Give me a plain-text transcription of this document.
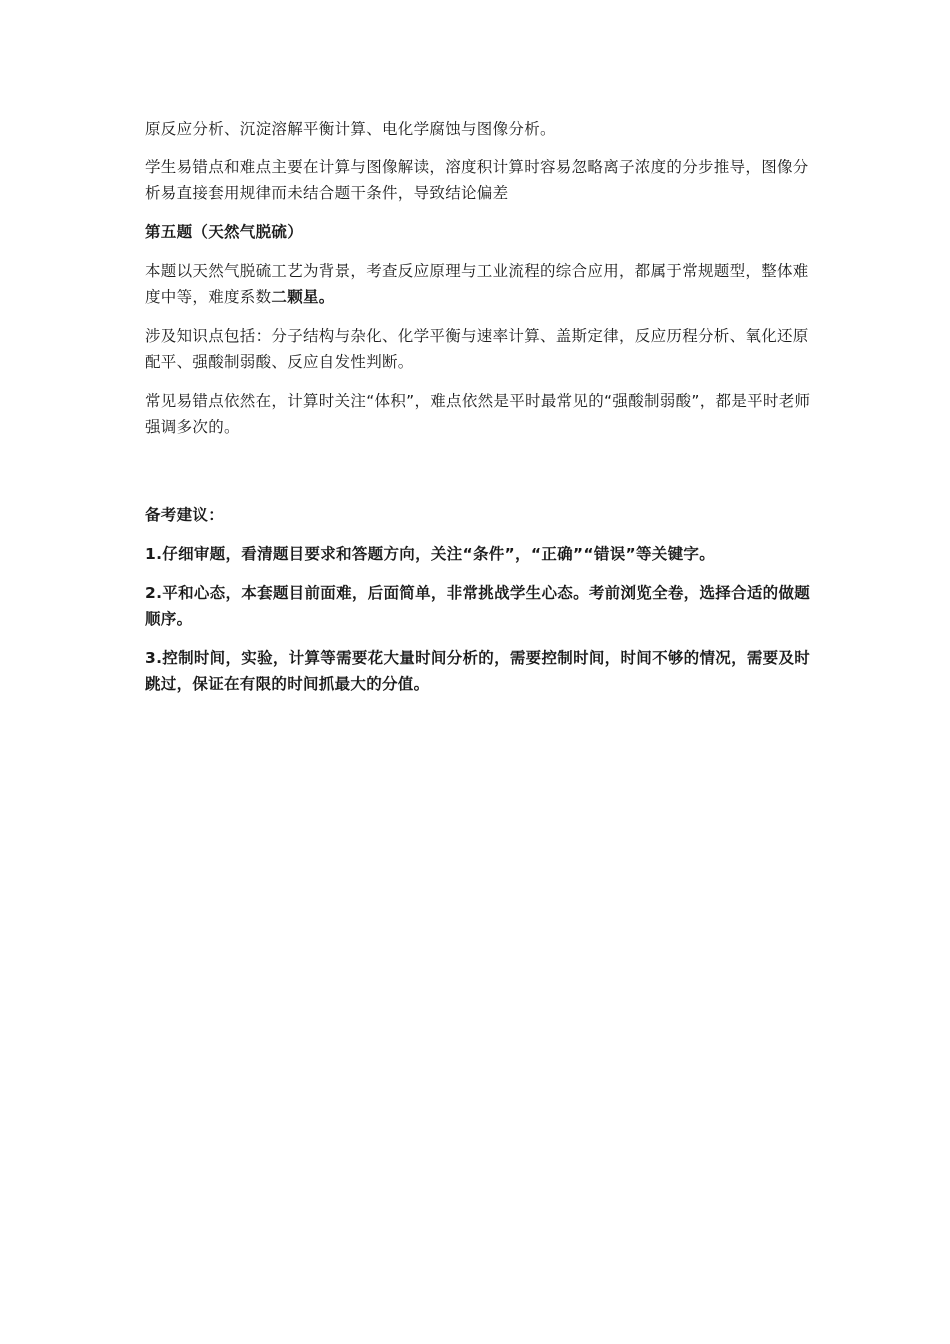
原反应分析、沉淀溶解平衡计算、电化学腐蚀与图像分析。

学生易错点和难点主要在计算与图像解读，溶度积计算时容易忽略离子浓度的分步推导，图像分析易直接套用规律而未结合题干条件，导致结论偏差

第五题（天然气脱硫）

本题以天然气脱硫工艺为背景，考查反应原理与工业流程的综合应用，都属于常规题型，整体难度中等，难度系数二颗星。

涉及知识点包括：分子结构与杂化、化学平衡与速率计算、盖斯定律，反应历程分析、氧化还原配平、强酸制弱酸、反应自发性判断。

常见易错点依然在，计算时关注“体积”，难点依然是平时最常见的“强酸制弱酸”，都是平时老师强调多次的。

备考建议：

1.仔细审题，看清题目要求和答题方向，关注“条件”，“正确”“错误”等关键字。

2.平和心态，本套题目前面难，后面简单，非常挑战学生心态。考前浏览全卷，选择合适的做题顺序。

3.控制时间，实验，计算等需要花大量时间分析的，需要控制时间，时间不够的情况，需要及时跳过，保证在有限的时间抓最大的分值。
